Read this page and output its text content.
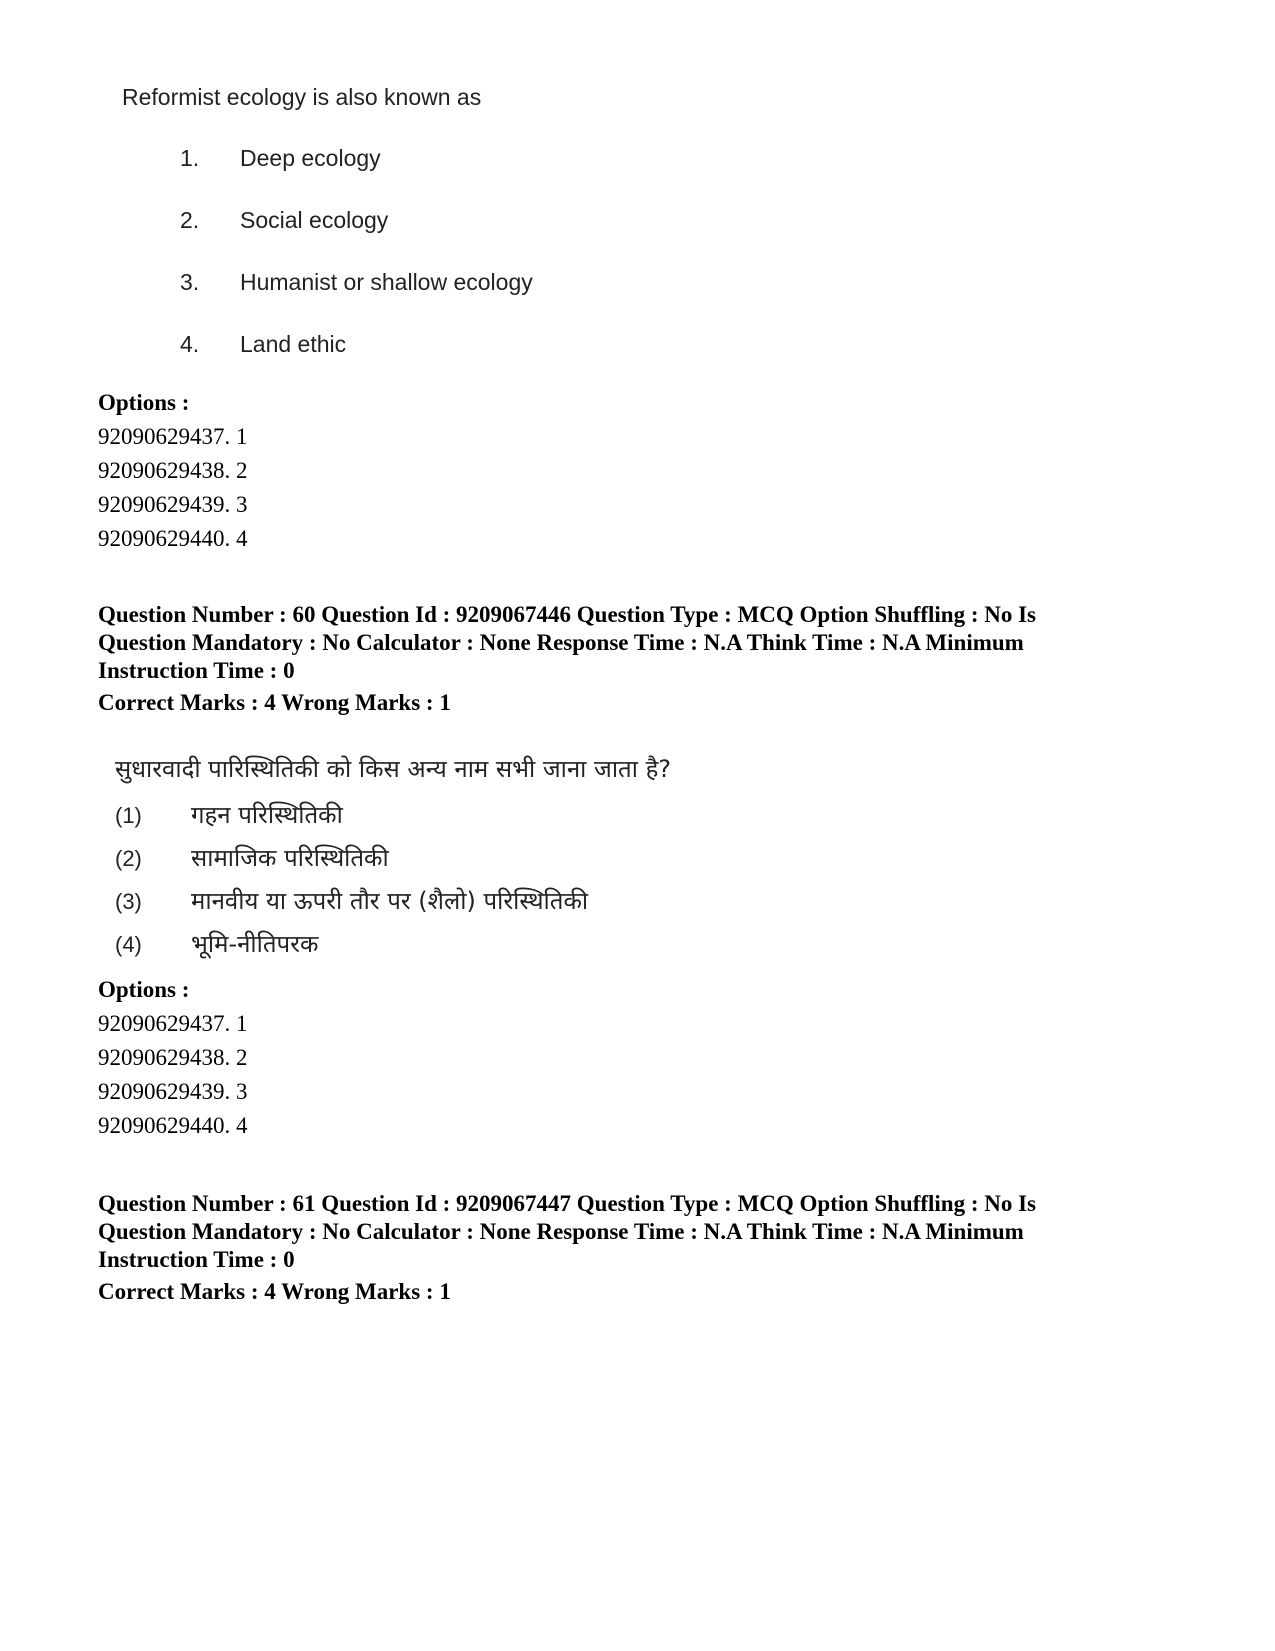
Reformist ecology is also known as
1. Deep ecology
2. Social ecology
3. Humanist or shallow ecology
4. Land ethic
Options :
92090629437. 1
92090629438. 2
92090629439. 3
92090629440. 4
Question Number : 60 Question Id : 9209067446 Question Type : MCQ Option Shuffling : No Is
Question Mandatory : No Calculator : None Response Time : N.A Think Time : N.A Minimum
Instruction Time : 0
Correct Marks : 4 Wrong Marks : 1
सुधारवादी पारिस्थितिकी को किस अन्य नाम सभी जाना जाता है?
(1) गहन परिस्थितिकी
(2) सामाजिक परिस्थितिकी
(3) मानवीय या ऊपरी तौर पर (शैलो) परिस्थितिकी
(4) भूमि-नीतिपरक
Options :
92090629437. 1
92090629438. 2
92090629439. 3
92090629440. 4
Question Number : 61 Question Id : 9209067447 Question Type : MCQ Option Shuffling : No Is
Question Mandatory : No Calculator : None Response Time : N.A Think Time : N.A Minimum
Instruction Time : 0
Correct Marks : 4 Wrong Marks : 1
